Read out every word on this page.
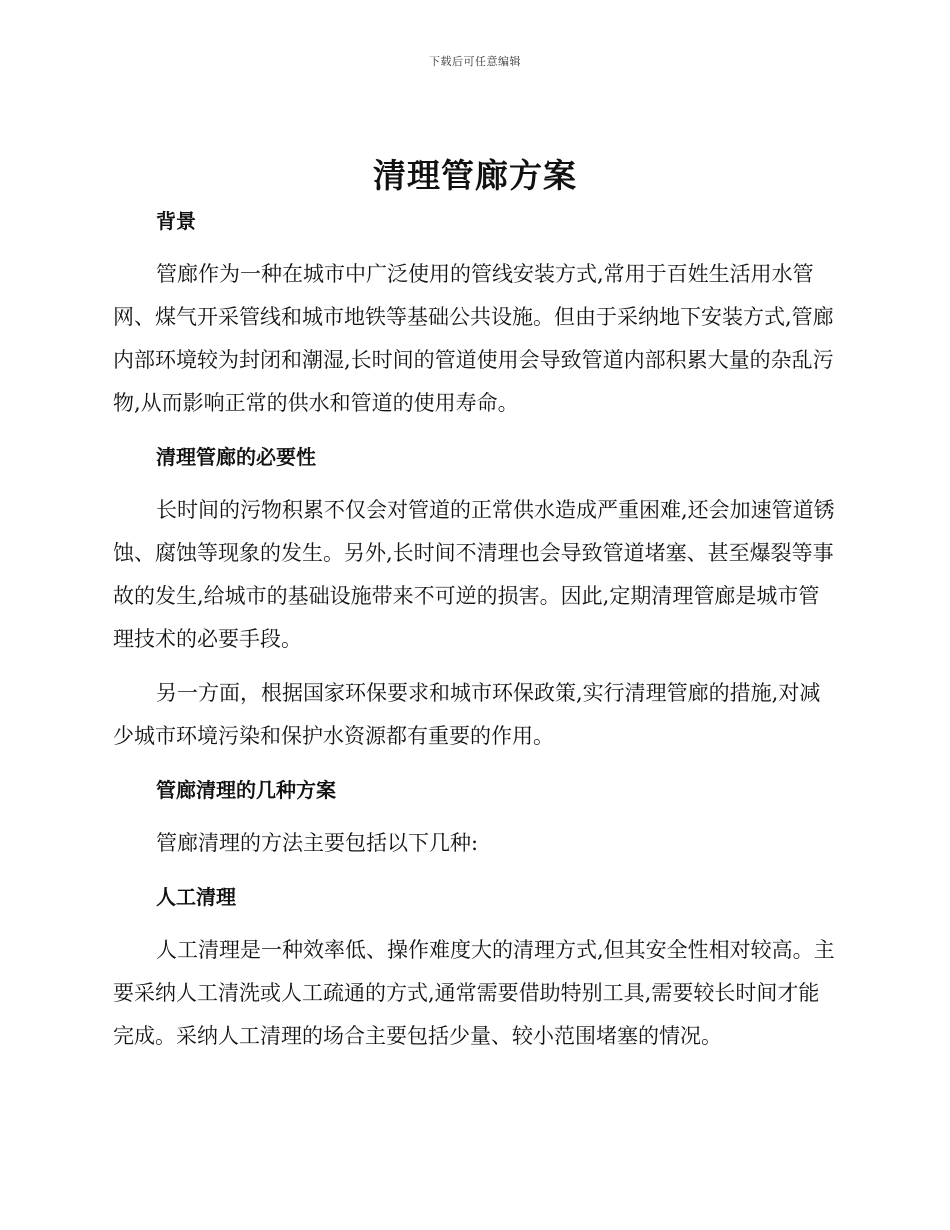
下载后可任意编辑
清理管廊方案
背景

管廊作为一种在城市中广泛使用的管线安装方式,常用于百姓生活用水管网、煤气开采管线和城市地铁等基础公共设施。但由于采纳地下安装方式,管廊内部环境较为封闭和潮湿,长时间的管道使用会导致管道内部积累大量的杂乱污物,从而影响正常的供水和管道的使用寿命。

清理管廊的必要性

长时间的污物积累不仅会对管道的正常供水造成严重困难,还会加速管道锈蚀、腐蚀等现象的发生。另外,长时间不清理也会导致管道堵塞、甚至爆裂等事故的发生,给城市的基础设施带来不可逆的损害。因此,定期清理管廊是城市管理技术的必要手段。

另一方面，根据国家环保要求和城市环保政策,实行清理管廊的措施,对减少城市环境污染和保护水资源都有重要的作用。

管廊清理的几种方案

管廊清理的方法主要包括以下几种:

人工清理

人工清理是一种效率低、操作难度大的清理方式,但其安全性相对较高。主要采纳人工清洗或人工疏通的方式,通常需要借助特别工具,需要较长时间才能完成。采纳人工清理的场合主要包括少量、较小范围堵塞的情况。
